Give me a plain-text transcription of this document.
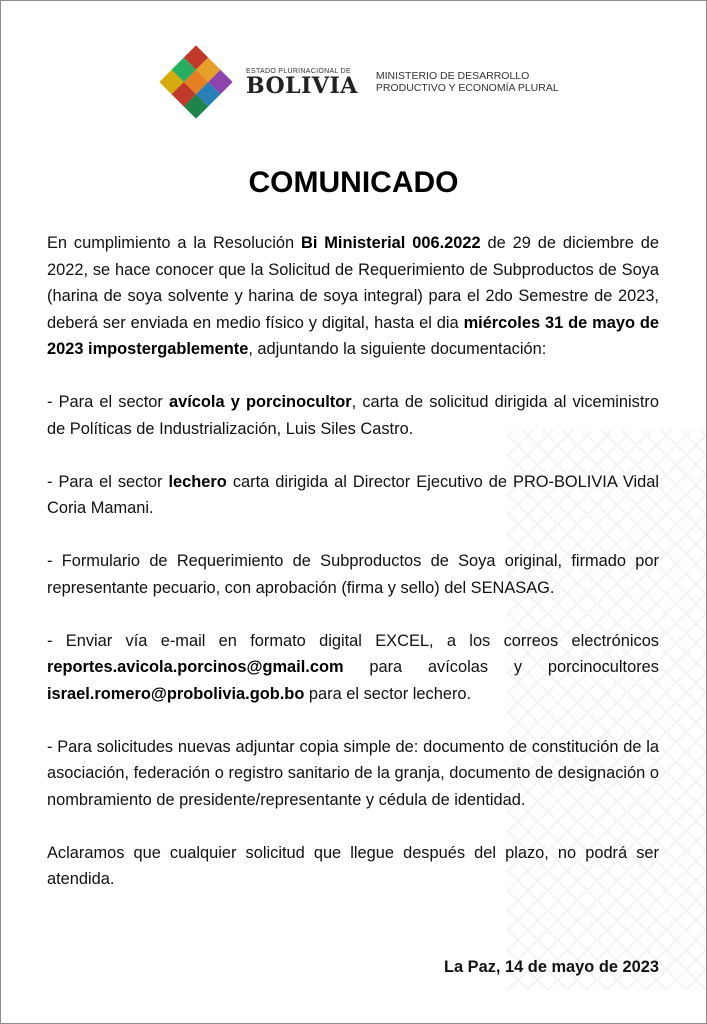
ESTADO PLURINACIONAL DE
BOLIVIA MINISTERIO DE DESARROLLO
PRODUCTIVO Y ECONOMÍA PLURAL
COMUNICADO

En cumplimiento a la Resolución Bi Ministerial 006.2022 de 29 de diciembre de 2022, se hace conocer que la Solicitud de Requerimiento de Subproductos de Soya (harina de soya solvente y harina de soya integral) para el 2do Semestre de 2023, deberá ser enviada en medio físico y digital, hasta el dia miércoles 31 de mayo de 2023 impostergablemente, adjuntando la siguiente documentación:

- Para el sector avícola y porcinocultor, carta de solicitud dirigida al viceministro de Políticas de Industrialización, Luis Siles Castro.

- Para el sector lechero carta dirigida al Director Ejecutivo de PRO-BOLIVIA Vidal Coria Mamani.

- Formulario de Requerimiento de Subproductos de Soya original, firmado por representante pecuario, con aprobación (firma y sello) del SENASAG.

- Enviar vía e-mail en formato digital EXCEL, a los correos electrónicos reportes.avicola.porcinos@gmail.com para avícolas y porcinocultores israel.romero@probolivia.gob.bo para el sector lechero.

- Para solicitudes nuevas adjuntar copia simple de: documento de constitución de la asociación, federación o registro sanitario de la granja, documento de designación o nombramiento de presidente/representante y cédula de identidad.

Aclaramos que cualquier solicitud que llegue después del plazo, no podrá ser atendida.

La Paz, 14 de mayo de 2023
